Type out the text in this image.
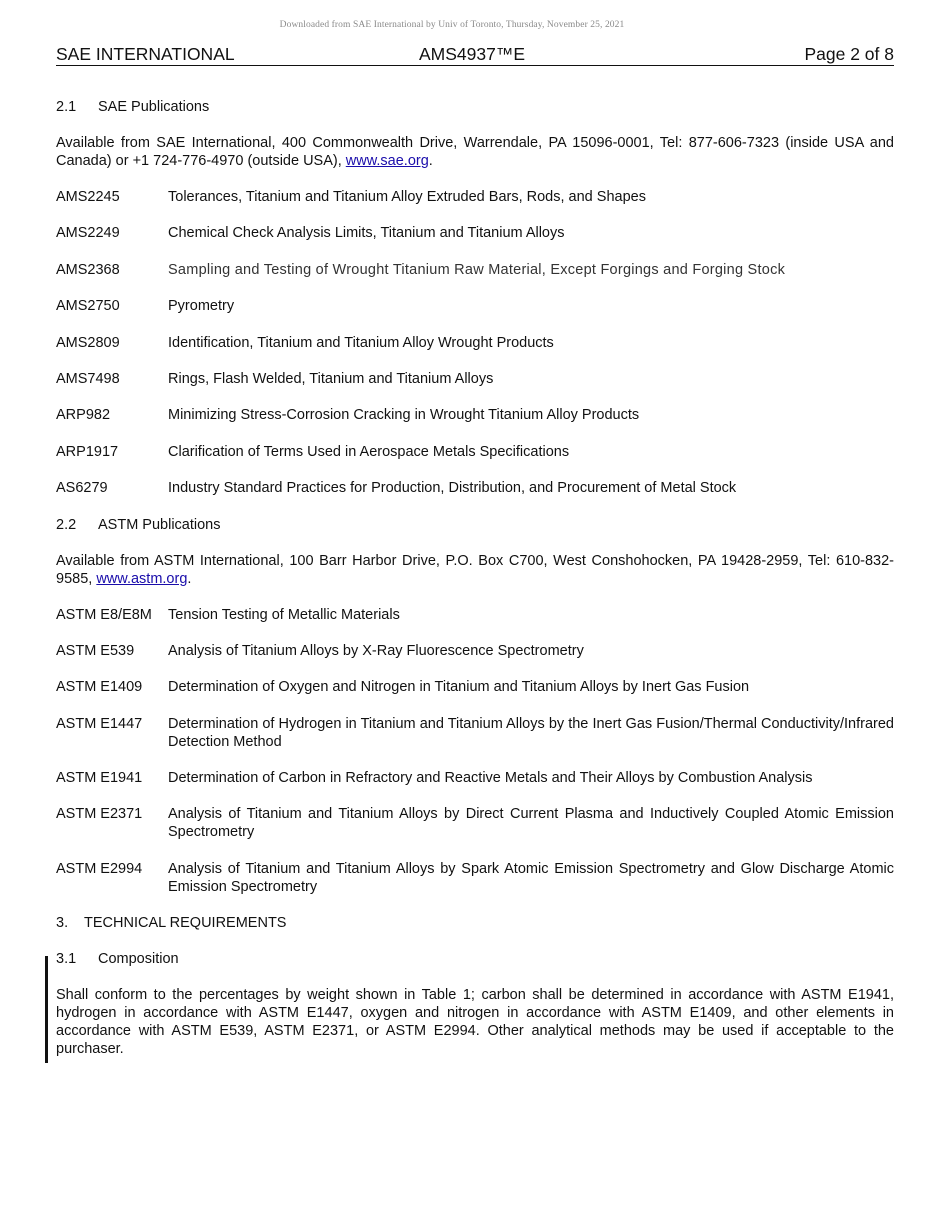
Downloaded from SAE International by Univ of Toronto, Thursday, November 25, 2021
SAE INTERNATIONAL	AMS4937™E	Page 2 of 8
2.1 SAE Publications

Available from SAE International, 400 Commonwealth Drive, Warrendale, PA 15096-0001, Tel: 877-606-7323 (inside USA and Canada) or +1 724-776-4970 (outside USA), www.sae.org.

AMS2245	Tolerances, Titanium and Titanium Alloy Extruded Bars, Rods, and Shapes
AMS2249	Chemical Check Analysis Limits, Titanium and Titanium Alloys
AMS2368	Sampling and Testing of Wrought Titanium Raw Material, Except Forgings and Forging Stock
AMS2750	Pyrometry
AMS2809	Identification, Titanium and Titanium Alloy Wrought Products
AMS7498	Rings, Flash Welded, Titanium and Titanium Alloys
ARP982	Minimizing Stress-Corrosion Cracking in Wrought Titanium Alloy Products
ARP1917	Clarification of Terms Used in Aerospace Metals Specifications
AS6279	Industry Standard Practices for Production, Distribution, and Procurement of Metal Stock
2.2 ASTM Publications

Available from ASTM International, 100 Barr Harbor Drive, P.O. Box C700, West Conshohocken, PA 19428-2959, Tel: 610-832-9585, www.astm.org.

ASTM E8/E8M	Tension Testing of Metallic Materials
ASTM E539	Analysis of Titanium Alloys by X-Ray Fluorescence Spectrometry
ASTM E1409	Determination of Oxygen and Nitrogen in Titanium and Titanium Alloys by Inert Gas Fusion
ASTM E1447	Determination of Hydrogen in Titanium and Titanium Alloys by the Inert Gas Fusion/Thermal Conductivity/Infrared Detection Method
ASTM E1941	Determination of Carbon in Refractory and Reactive Metals and Their Alloys by Combustion Analysis
ASTM E2371	Analysis of Titanium and Titanium Alloys by Direct Current Plasma and Inductively Coupled Atomic Emission Spectrometry
ASTM E2994	Analysis of Titanium and Titanium Alloys by Spark Atomic Emission Spectrometry and Glow Discharge Atomic Emission Spectrometry
3. TECHNICAL REQUIREMENTS
3.1 Composition

Shall conform to the percentages by weight shown in Table 1; carbon shall be determined in accordance with ASTM E1941, hydrogen in accordance with ASTM E1447, oxygen and nitrogen in accordance with ASTM E1409, and other elements in accordance with ASTM E539, ASTM E2371, or ASTM E2994. Other analytical methods may be used if acceptable to the purchaser.
